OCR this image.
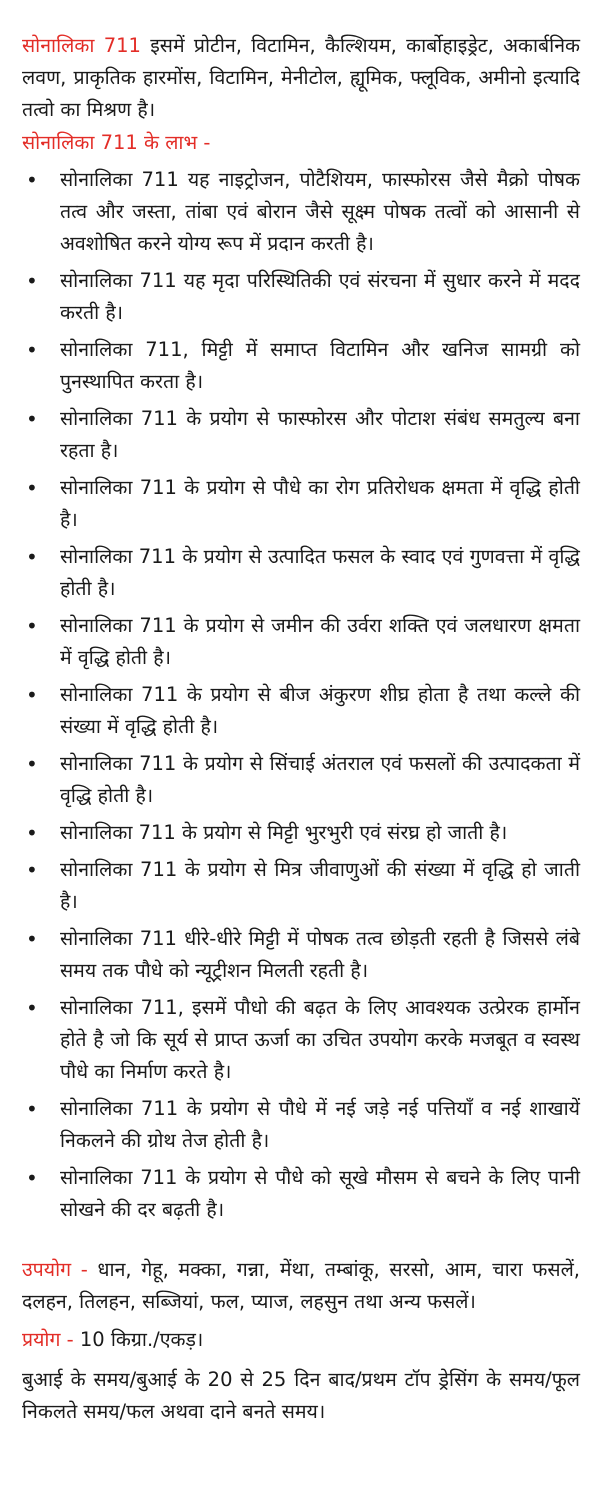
सोनालिका 711 इसमें प्रोटीन, विटामिन, कैल्शियम, कार्बोहाइड्रेट, अकार्बनिक लवण, प्राकृतिक हारमोंस, विटामिन, मेनीटोल, ह्यूमिक, फ्लूविक, अमीनो इत्यादि तत्वो का मिश्रण है।

सोनालिका 711 के लाभ -

• सोनालिका 711 यह नाइट्रोजन, पोटैशियम, फास्फोरस जैसे मैक्रो पोषक तत्व और जस्ता, तांबा एवं बोरान जैसे सूक्ष्म पोषक तत्वों को आसानी से अवशोषित करने योग्य रूप में प्रदान करती है।
• सोनालिका 711 यह मृदा परिस्थितिकी एवं संरचना में सुधार करने में मदद करती है।
• सोनालिका 711, मिट्टी में समाप्त विटामिन और खनिज सामग्री को पुनस्थापित करता है।
• सोनालिका 711 के प्रयोग से फास्फोरस और पोटाश संबंध समतुल्य बना रहता है।
• सोनालिका 711 के प्रयोग से पौधे का रोग प्रतिरोधक क्षमता में वृद्धि होती है।
• सोनालिका 711 के प्रयोग से उत्पादित फसल के स्वाद एवं गुणवत्ता में वृद्धि होती है।
• सोनालिका 711 के प्रयोग से जमीन की उर्वरा शक्ति एवं जलधारण क्षमता में वृद्धि होती है।
• सोनालिका 711 के प्रयोग से बीज अंकुरण शीघ्र होता है तथा कल्ले की संख्या में वृद्धि होती है।
• सोनालिका 711 के प्रयोग से सिंचाई अंतराल एवं फसलों की उत्पादकता में वृद्धि होती है।
• सोनालिका 711 के प्रयोग से मिट्टी भुरभुरी एवं संरघ्र हो जाती है।
• सोनालिका 711 के प्रयोग से मित्र जीवाणुओं की संख्या में वृद्धि हो जाती है।
• सोनालिका 711 धीरे-धीरे मिट्टी में पोषक तत्व छोड़ती रहती है जिससे लंबे समय तक पौधे को न्यूट्रीशन मिलती रहती है।
• सोनालिका 711, इसमें पौधो की बढ़त के लिए आवश्यक उत्प्रेरक हार्मोन होते है जो कि सूर्य से प्राप्त ऊर्जा का उचित उपयोग करके मजबूत व स्वस्थ पौधे का निर्माण करते है।
• सोनालिका 711 के प्रयोग से पौधे में नई जड़े नई पत्तियाँ व नई शाखायें निकलने की ग्रोथ तेज होती है।
• सोनालिका 711 के प्रयोग से पौधे को सूखे मौसम से बचने के लिए पानी सोखने की दर बढ़ती है।

उपयोग - धान, गेहू, मक्का, गन्ना, मेंथा, तम्बांकू, सरसो, आम, चारा फसलें, दलहन, तिलहन, सब्जियां, फल, प्याज, लहसुन तथा अन्य फसलें।

प्रयोग - 10 किग्रा./एकड़।

बुआई के समय/बुआई के 20 से 25 दिन बाद/प्रथम टॉप ड्रेसिंग के समय/फूल निकलते समय/फल अथवा दाने बनते समय।
